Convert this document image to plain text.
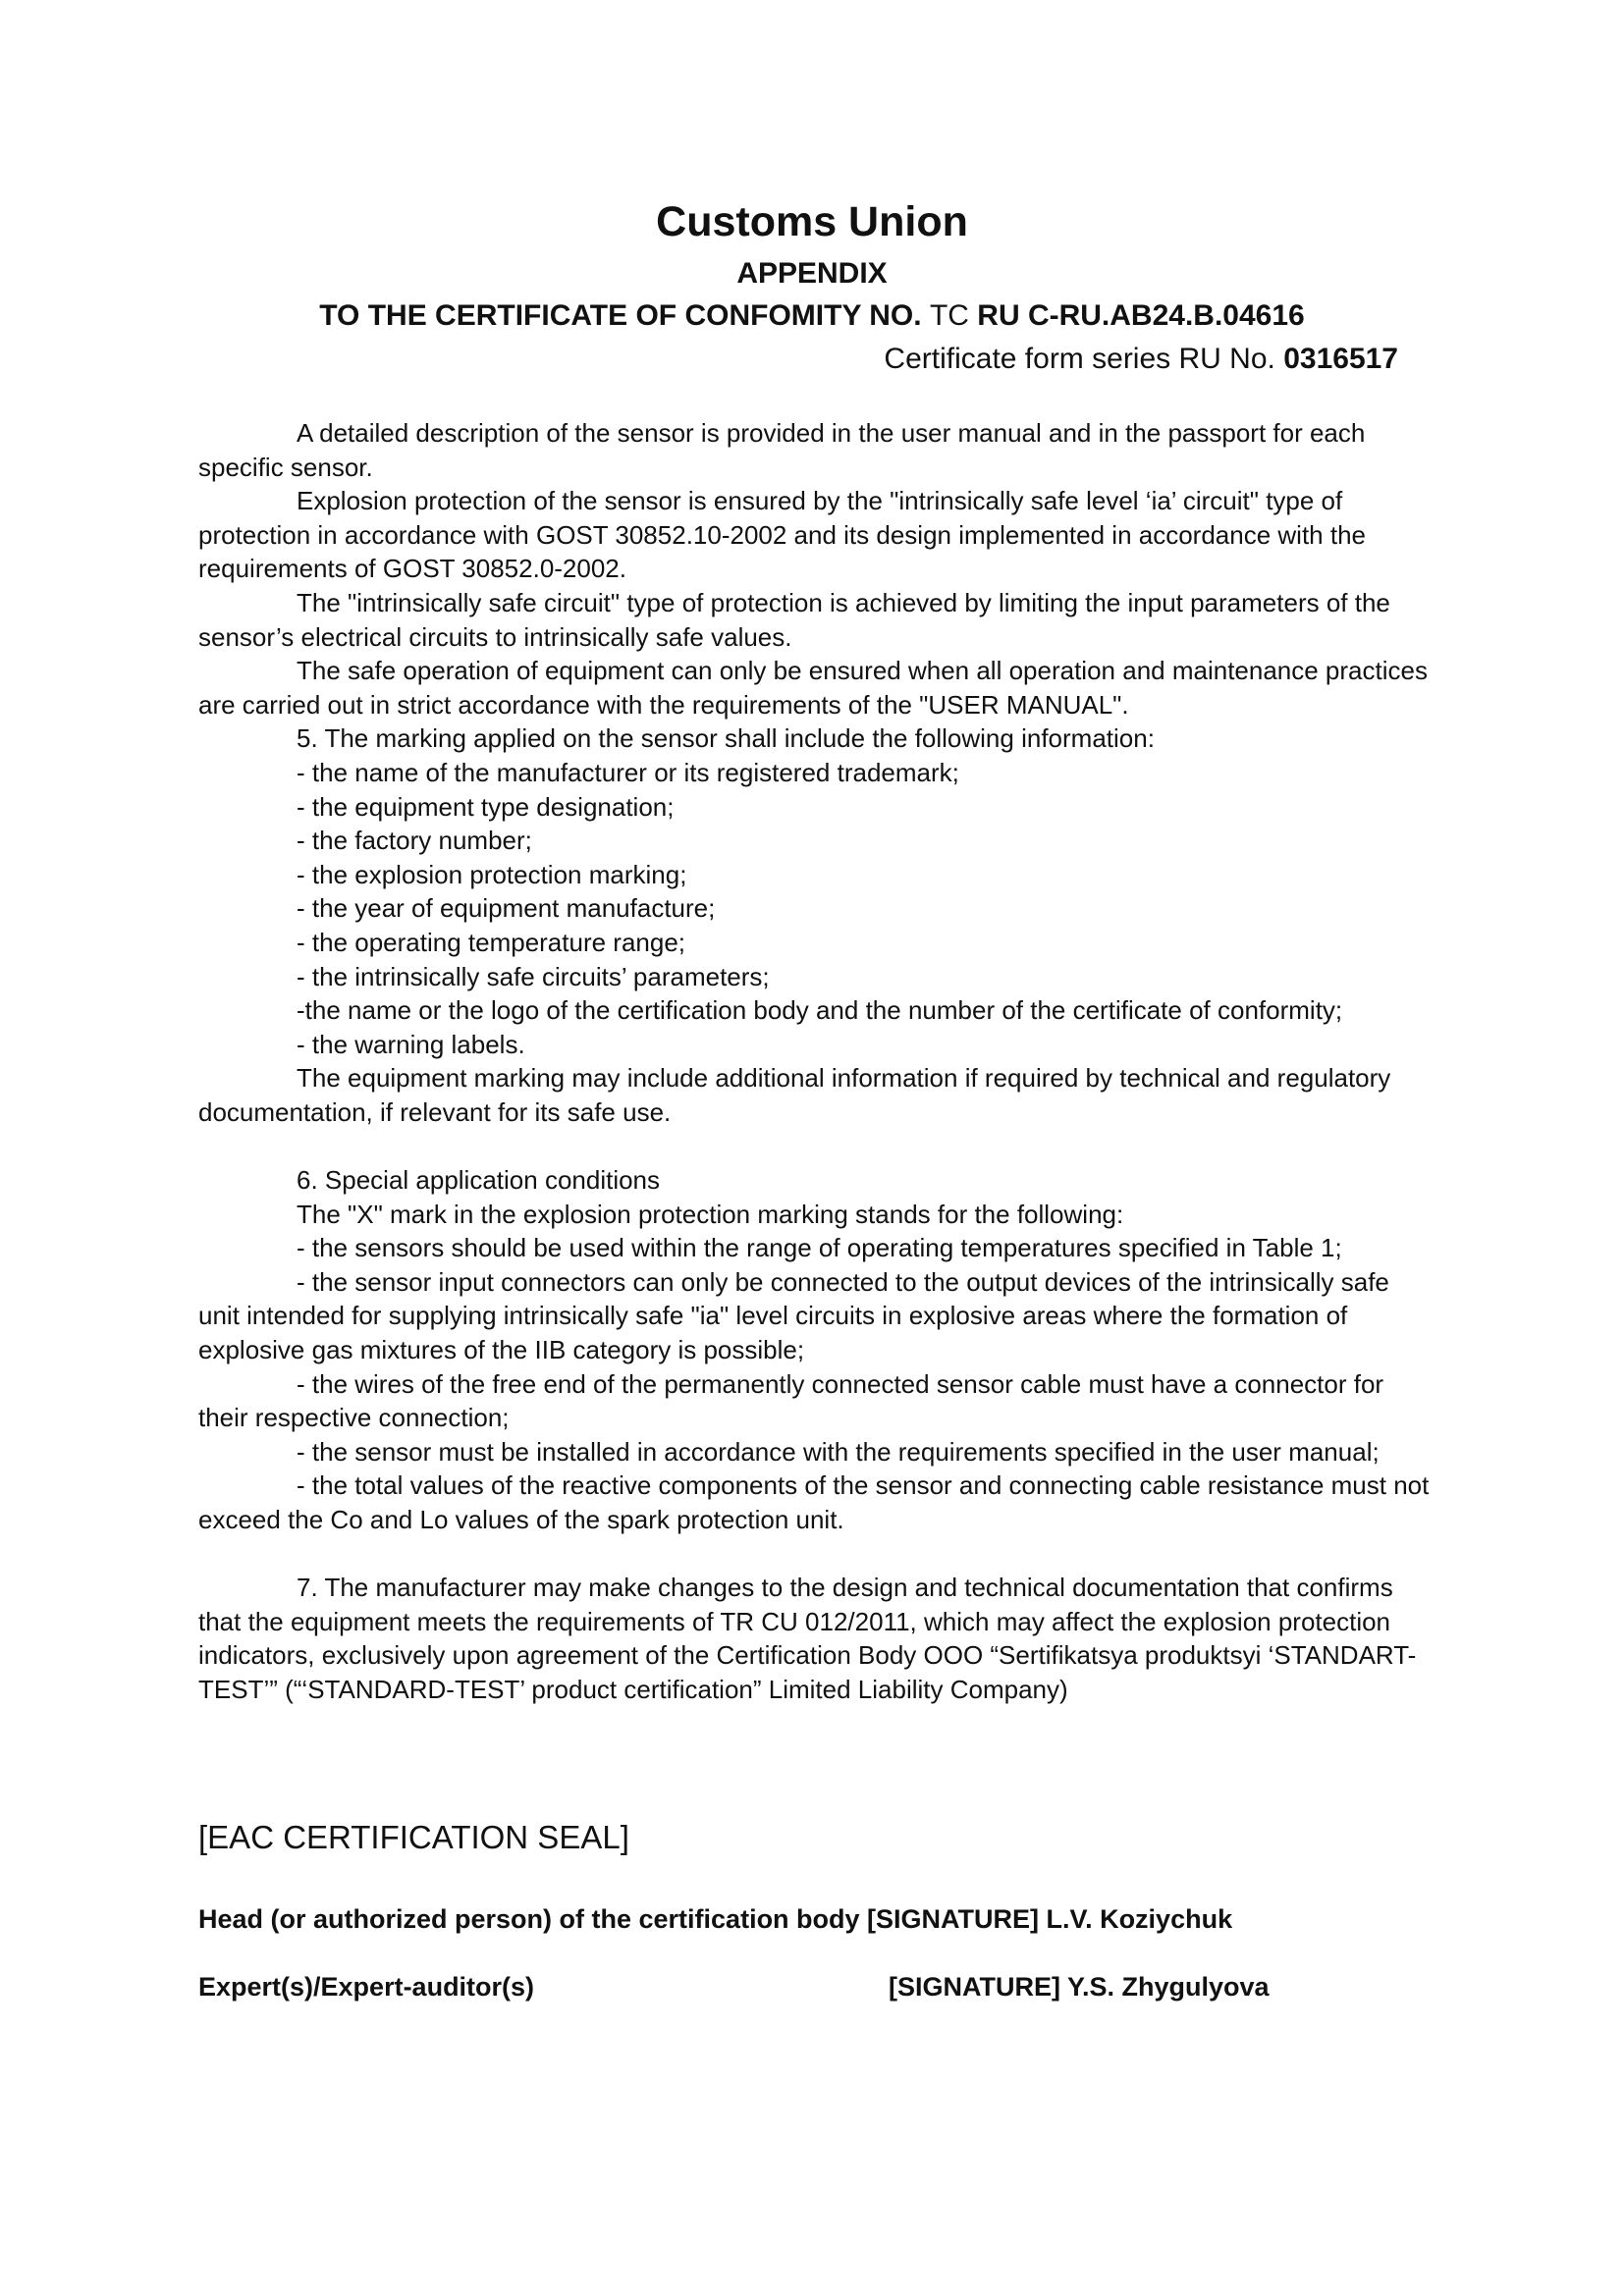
Customs Union
APPENDIX
TO THE CERTIFICATE OF CONFOMITY NO. TC RU C-RU.AB24.B.04616
Certificate form series RU No. 0316517

A detailed description of the sensor is provided in the user manual and in the passport for each specific sensor.

Explosion protection of the sensor is ensured by the "intrinsically safe level ‘ia’ circuit" type of protection in accordance with GOST 30852.10-2002 and its design implemented in accordance with the requirements of GOST 30852.0-2002.

The "intrinsically safe circuit" type of protection is achieved by limiting the input parameters of the sensor’s electrical circuits to intrinsically safe values.

The safe operation of equipment can only be ensured when all operation and maintenance practices are carried out in strict accordance with the requirements of the "USER MANUAL".

5. The marking applied on the sensor shall include the following information:

- the name of the manufacturer or its registered trademark;

- the equipment type designation;

- the factory number;

- the explosion protection marking;

- the year of equipment manufacture;

- the operating temperature range;

- the intrinsically safe circuits’ parameters;

-the name or the logo of the certification body and the number of the certificate of conformity;

- the warning labels.

The equipment marking may include additional information if required by technical and regulatory documentation, if relevant for its safe use.

6. Special application conditions

The "X" mark in the explosion protection marking stands for the following:

- the sensors should be used within the range of operating temperatures specified in Table 1;

- the sensor input connectors can only be connected to the output devices of the intrinsically safe unit intended for supplying intrinsically safe "ia" level circuits in explosive areas where the formation of explosive gas mixtures of the IIB category is possible;

- the wires of the free end of the permanently connected sensor cable must have a connector for their respective connection;

- the sensor must be installed in accordance with the requirements specified in the user manual;

- the total values of the reactive components of the sensor and connecting cable resistance must not exceed the Co and Lo values of the spark protection unit.

7. The manufacturer may make changes to the design and technical documentation that confirms that the equipment meets the requirements of TR CU 012/2011, which may affect the explosion protection indicators, exclusively upon agreement of the Certification Body OOO “Sertifikatsya produktsyi ‘STANDART-TEST’” (“‘STANDARD-TEST’ product certification” Limited Liability Company)

[EAC CERTIFICATION SEAL]
Head (or authorized person) of the certification body [SIGNATURE] L.V. Koziychuk
Expert(s)/Expert-auditor(s)	[SIGNATURE] Y.S. Zhygulyova
